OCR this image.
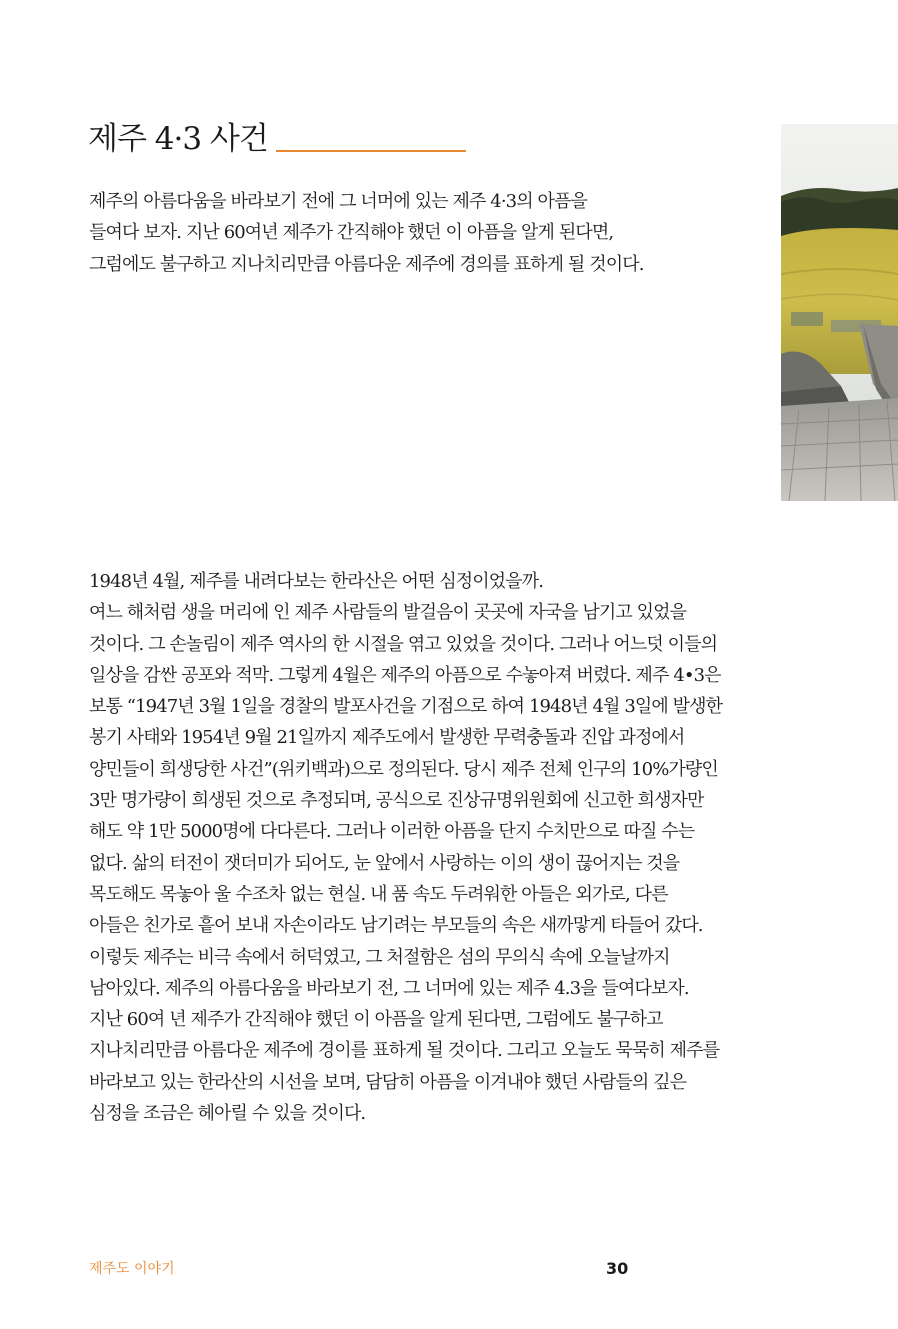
제주 4·3 사건

제주의 아름다움을 바라보기 전에 그 너머에 있는 제주 4·3의 아픔을
들여다 보자. 지난 60여년 제주가 간직해야 했던 이 아픔을 알게 된다면,
그럼에도 불구하고 지나치리만큼 아름다운 제주에 경의를 표하게 될 것이다.

1948년 4월, 제주를 내려다보는 한라산은 어떤 심정이었을까.
여느 해처럼 생을 머리에 인 제주 사람들의 발걸음이 곳곳에 자국을 남기고 있었을
것이다. 그 손놀림이 제주 역사의 한 시절을 엮고 있었을 것이다. 그러나 어느덧 이들의
일상을 감싼 공포와 적막. 그렇게 4월은 제주의 아픔으로 수놓아져 버렸다. 제주 4•3은
보통 “1947년 3월 1일을 경찰의 발포사건을 기점으로 하여 1948년 4월 3일에 발생한
봉기 사태와 1954년 9월 21일까지 제주도에서 발생한 무력충돌과 진압 과정에서
양민들이 희생당한 사건”(위키백과)으로 정의된다. 당시 제주 전체 인구의 10%가량인
3만 명가량이 희생된 것으로 추정되며, 공식으로 진상규명위원회에 신고한 희생자만
해도 약 1만 5000명에 다다른다. 그러나 이러한 아픔을 단지 수치만으로 따질 수는
없다. 삶의 터전이 잿더미가 되어도, 눈 앞에서 사랑하는 이의 생이 끊어지는 것을
목도해도 목놓아 울 수조차 없는 현실. 내 품 속도 두려워한 아들은 외가로, 다른
아들은 친가로 흩어 보내 자손이라도 남기려는 부모들의 속은 새까맣게 타들어 갔다.
이렇듯 제주는 비극 속에서 허덕였고, 그 처절함은 섬의 무의식 속에 오늘날까지
남아있다. 제주의 아름다움을 바라보기 전, 그 너머에 있는 제주 4.3을 들여다보자.
지난 60여 년 제주가 간직해야 했던 이 아픔을 알게 된다면, 그럼에도 불구하고
지나치리만큼 아름다운 제주에 경이를 표하게 될 것이다. 그리고 오늘도 묵묵히 제주를
바라보고 있는 한라산의 시선을 보며, 담담히 아픔을 이겨내야 했던 사람들의 깊은
심정을 조금은 헤아릴 수 있을 것이다.

제주도 이야기	30
